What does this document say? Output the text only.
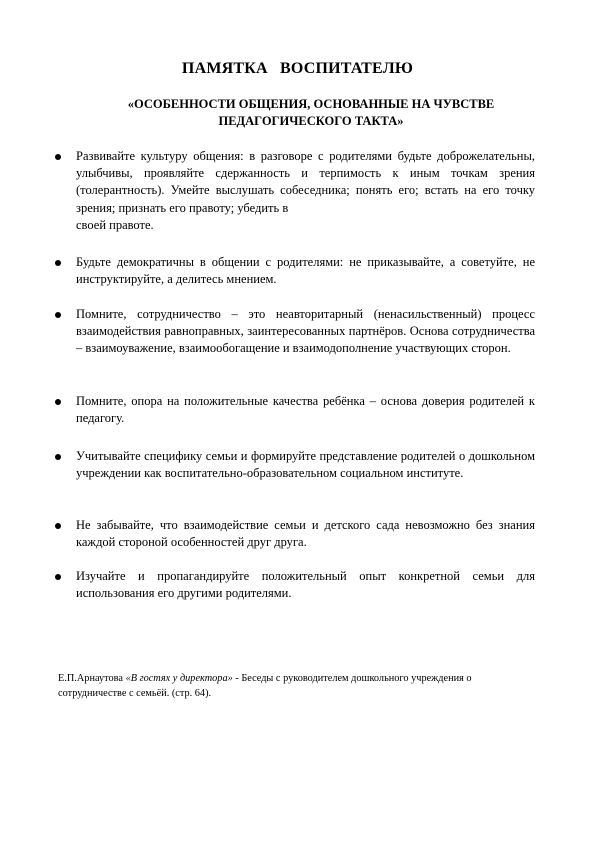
ПАМЯТКА ВОСПИТАТЕЛЮ
«ОСОБЕННОСТИ ОБЩЕНИЯ, ОСНОВАННЫЕ НА ЧУВСТВЕ ПЕДАГОГИЧЕСКОГО ТАКТА»
Развивайте культуру общения: в разговоре с родителями будьте доброжелательны, улыбчивы, проявляйте сдержанность и терпимость к иным точкам зрения (толерантность). Умейте выслушать собеседника; понять его; встать на его точку зрения; признать его правоту; убедить в
своей правоте.
Будьте демократичны в общении с родителями: не приказывайте, а советуйте, не инструктируйте, а делитесь мнением.
Помните, сотрудничество – это неавторитарный (ненасильственный) процесс взаимодействия равноправных, заинтересованных партнёров. Основа сотрудничества – взаимоуважение, взаимообогащение и взаимодополнение участвующих сторон.
Помните, опора на положительные качества ребёнка – основа доверия родителей к педагогу.
Учитывайте специфику семьи и формируйте представление родителей о дошкольном учреждении как воспитательно-образовательном социальном институте.
Не забывайте, что взаимодействие семьи и детского сада невозможно без знания каждой стороной особенностей друг друга.
Изучайте и пропагандируйте положительный опыт конкретной семьи для использования его другими родителями.

Е.П.Арнаутова «В гостях у директора» - Беседы с руководителем дошкольного учреждения о сотрудничестве с семьёй. (стр. 64).
